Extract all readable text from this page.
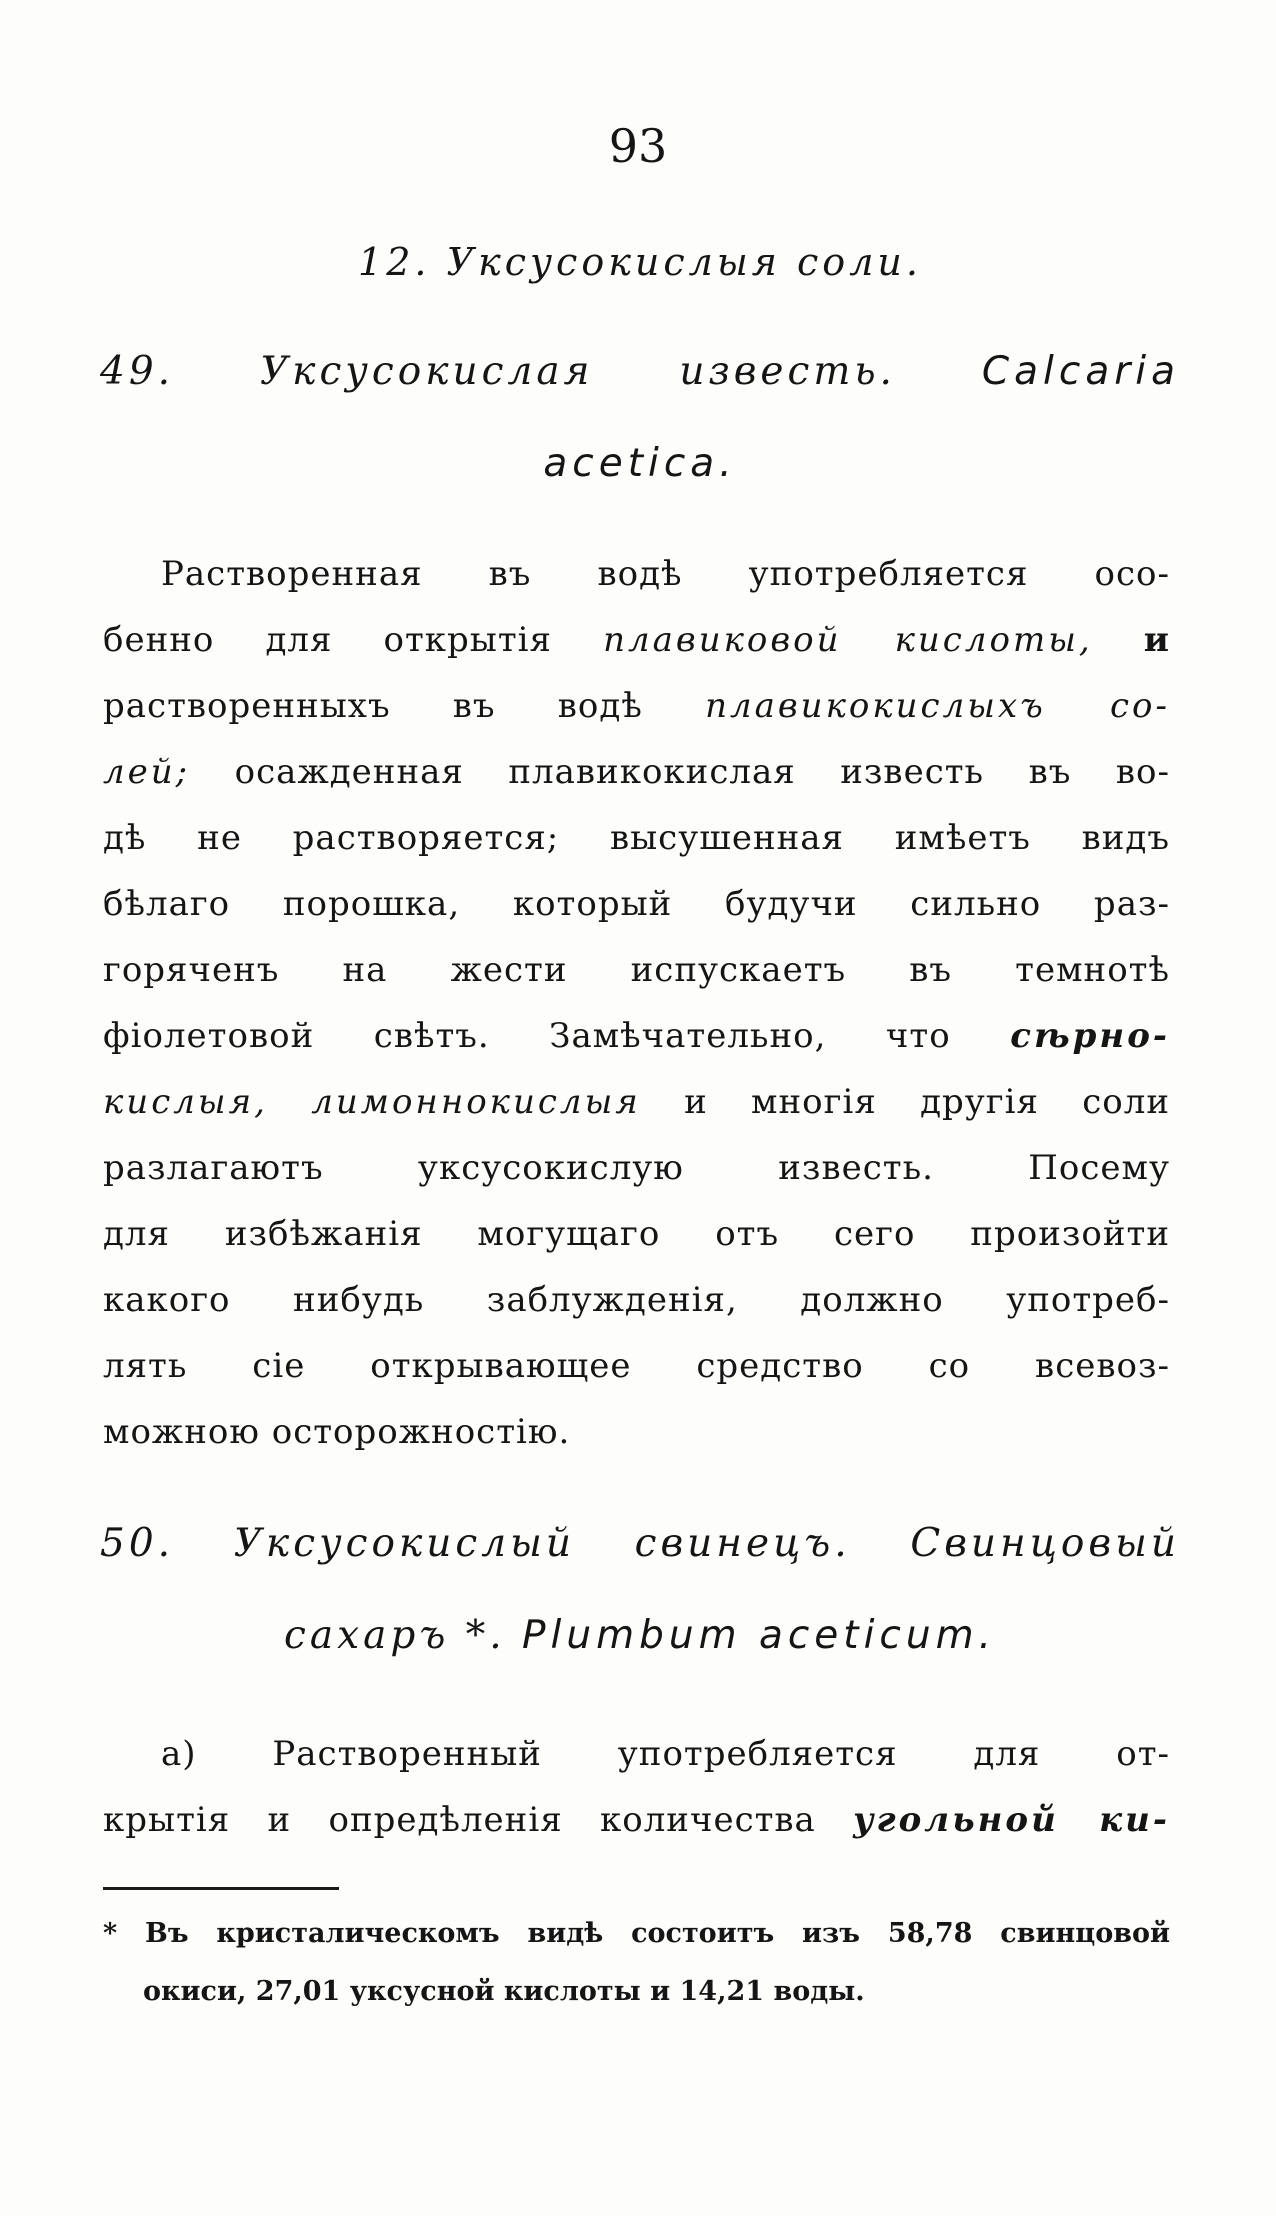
93
12. Уксусокислыя соли.
49. Уксусокислая известь. Calcaria
acetica.
Растворенная въ водѣ употребляется осо-
бенно для открытія плавиковой кислоты, и
растворенныхъ въ водѣ плавикокислыхъ со-
лей; осажденная плавикокислая известь въ во-
дѣ не растворяется; высушенная имѣетъ видъ
бѣлаго порошка, который будучи сильно раз-
горяченъ на жести испускаетъ въ темнотѣ
фіолетовой свѣтъ. Замѣчательно, что сѣрно-
кислыя, лимоннокислыя и многія другія соли
разлагаютъ уксусокислую известь. Посему
для избѣжанія могущаго отъ сего произойти
какого нибудь заблужденія, должно употреб-
лять сіе открывающее средство со всевоз-
можною осторожностію.
50. Уксусокислый свинецъ. Свинцовый
сахаръ *. Plumbum aceticum.
а) Растворенный употребляется для от-
крытія и опредѣленія количества угольной ки-
* Въ кристалическомъ видѣ состоитъ изъ 58,78 свинцовой
окиси, 27,01 уксусной кислоты и 14,21 воды.
